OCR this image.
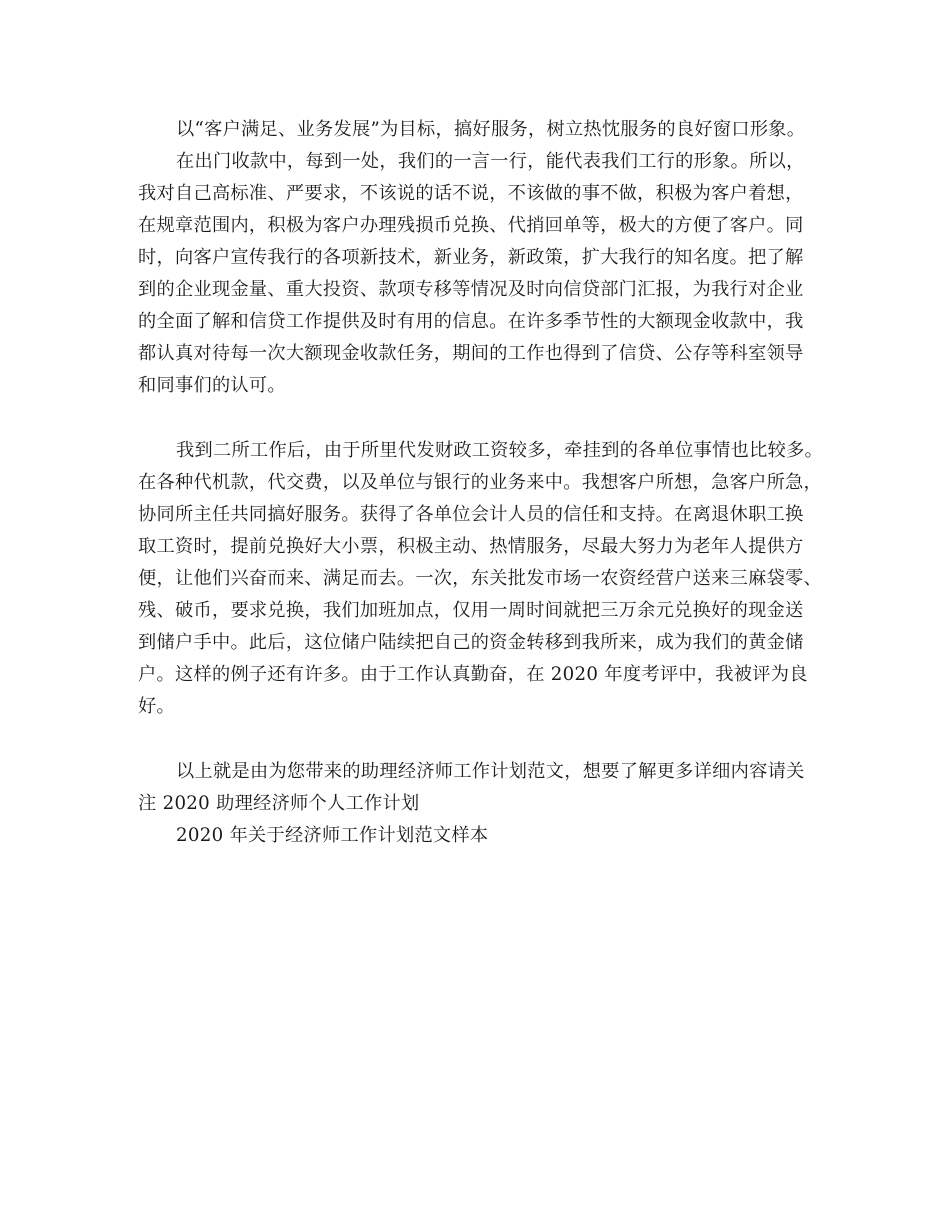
以“客户满足、业务发展”为目标，搞好服务，树立热忱服务的良好窗口形象。
在出门收款中，每到一处，我们的一言一行，能代表我们工行的形象。所以，
我对自己高标准、严要求，不该说的话不说，不该做的事不做，积极为客户着想，
在规章范围内，积极为客户办理残损币兑换、代捎回单等，极大的方便了客户。同
时，向客户宣传我行的各项新技术，新业务，新政策，扩大我行的知名度。把了解
到的企业现金量、重大投资、款项专移等情况及时向信贷部门汇报，为我行对企业
的全面了解和信贷工作提供及时有用的信息。在许多季节性的大额现金收款中，我
都认真对待每一次大额现金收款任务，期间的工作也得到了信贷、公存等科室领导
和同事们的认可。
我到二所工作后，由于所里代发财政工资较多，牵挂到的各单位事情也比较多。
在各种代机款，代交费，以及单位与银行的业务来中。我想客户所想，急客户所急，
协同所主任共同搞好服务。获得了各单位会计人员的信任和支持。在离退休职工换
取工资时，提前兑换好大小票，积极主动、热情服务，尽最大努力为老年人提供方
便，让他们兴奋而来、满足而去。一次，东关批发市场一农资经营户送来三麻袋零、
残、破币，要求兑换，我们加班加点，仅用一周时间就把三万余元兑换好的现金送
到储户手中。此后，这位储户陆续把自己的资金转移到我所来，成为我们的黄金储
户。这样的例子还有许多。由于工作认真勤奋，在 2020 年度考评中，我被评为良
好。
以上就是由为您带来的助理经济师工作计划范文，想要了解更多详细内容请关
注 2020 助理经济师个人工作计划
2020 年关于经济师工作计划范文样本
